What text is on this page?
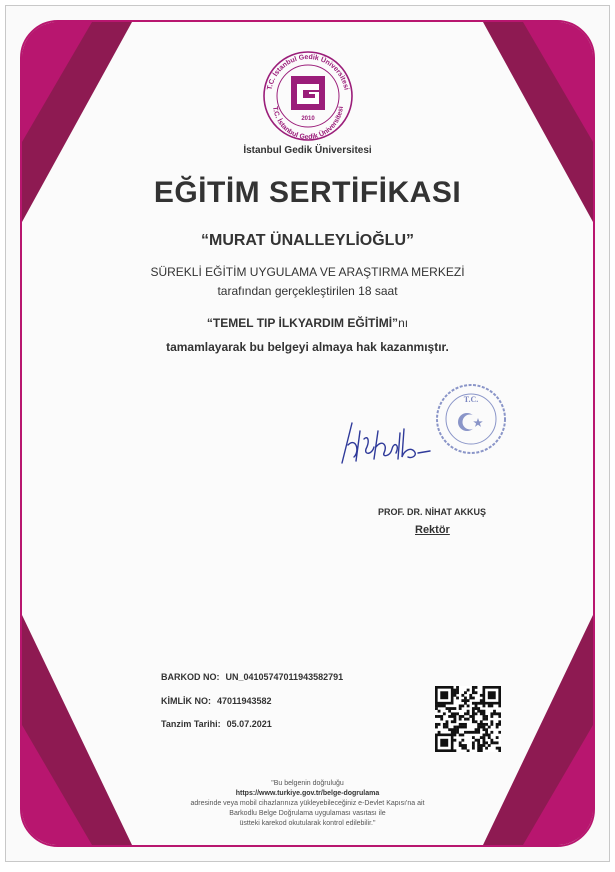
T.C. İstanbul Gedik Üniversitesi
T.C. İstanbul Gedik Üniversitesi
2010
İstanbul Gedik Üniversitesi
EĞİTİM SERTİFİKASI
“MURAT ÜNALLEYLİOĞLU”
SÜREKLİ EĞİTİM UYGULAMA VE ARAŞTIRMA MERKEZİ
tarafından gerçekleştirilen 18 saat
“TEMEL TIP İLKYARDIM EĞİTİMİ”nı
tamamlayarak bu belgeyi almaya hak kazanmıştır.
T.C.
PROF. DR. NİHAT AKKUŞ
Rektör
BARKOD NO: UN_04105747011943582791
KİMLİK NO: 47011943582
Tanzim Tarihi: 05.07.2021
"Bu belgenin doğruluğu
https://www.turkiye.gov.tr/belge-dogrulama
adresinde veya mobil cihazlarınıza yükleyebileceğiniz e-Devlet Kapısı'na ait
Barkodlu Belge Doğrulama uygulaması vasıtası ile
üstteki karekod okutularak kontrol edilebilir."
